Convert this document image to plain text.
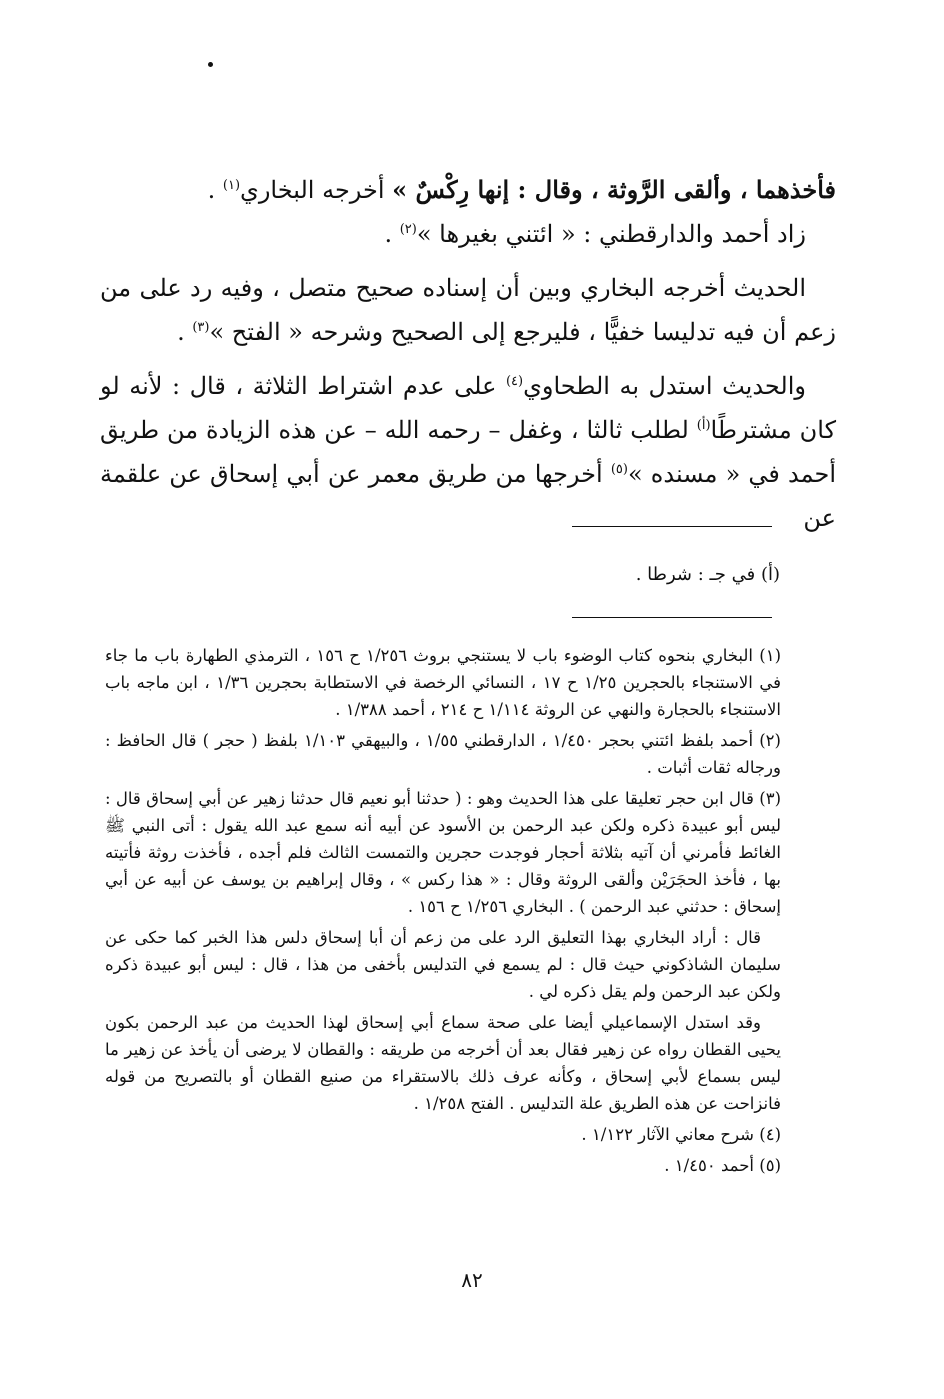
فأخذهما ، وألقى الرَّوثة ، وقال : إنها رِكْسٌ » أخرجه البخاري$^{(١)}$ .

زاد أحمد والدارقطني : « ائتني بغيرها »$^{(٢)}$ .

الحديث أخرجه البخاري وبين أن إسناده صحيح متصل ، وفيه رد على من زعم أن فيه تدليسا خفيًّا ، فليرجع إلى الصحيح وشرحه « الفتح »$^{(٣)}$ .

والحديث استدل به الطحاوي$^{(٤)}$ على عدم اشتراط الثلاثة ، قال : لأنه لو كان مشترطًا$^{(أ)}$ لطلب ثالثا ، وغفل – رحمه الله – عن هذه الزيادة من طريق أحمد في « مسنده »$^{(٥)}$ أخرجها من طريق معمر عن أبي إسحاق عن علقمة عن

(أ) في جـ : شرطا .

(١) البخاري بنحوه كتاب الوضوء باب لا يستنجي بروث ١/٢٥٦ ح ١٥٦ ، الترمذي الطهارة باب ما جاء في الاستنجاء بالحجرين ١/٢٥ ح ١٧ ، النسائي الرخصة في الاستطابة بحجرين ١/٣٦ ، ابن ماجه باب الاستنجاء بالحجارة والنهي عن الروثة ١/١١٤ ح ٢١٤ ، أحمد ١/٣٨٨ .

(٢) أحمد بلفظ ائتني بحجر ١/٤٥٠ ، الدارقطني ١/٥٥ ، والبيهقي ١/١٠٣ بلفظ ( حجر ) قال الحافظ : ورجاله ثقات أثبات .

(٣) قال ابن حجر تعليقا على هذا الحديث وهو : ( حدثنا أبو نعيم قال حدثنا زهير عن أبي إسحاق قال : ليس أبو عبيدة ذكره ولكن عبد الرحمن بن الأسود عن أبيه أنه سمع عبد الله يقول : أتى النبي ﷺ الغائط فأمرني أن آتيه بثلاثة أحجار فوجدت حجرين والتمست الثالث فلم أجده ، فأخذت روثة فأتيته بها ، فأخذ الحجَرَيْن وألقى الروثة وقال : « هذا ركس » ، وقال إبراهيم بن يوسف عن أبيه عن أبي إسحاق : حدثني عبد الرحمن ) . البخاري ١/٢٥٦ ح ١٥٦ .

قال : أراد البخاري بهذا التعليق الرد على من زعم أن أبا إسحاق دلس هذا الخبر كما حكى عن سليمان الشاذكوني حيث قال : لم يسمع في التدليس بأخفى من هذا ، قال : ليس أبو عبيدة ذكره ولكن عبد الرحمن ولم يقل ذكره لي .

وقد استدل الإسماعيلي أيضا على صحة سماع أبي إسحاق لهذا الحديث من عبد الرحمن بكون يحيى القطان رواه عن زهير فقال بعد أن أخرجه من طريقه : والقطان لا يرضى أن يأخذ عن زهير ما ليس بسماع لأبي إسحاق ، وكأنه عرف ذلك بالاستقراء من صنيع القطان أو بالتصريح من قوله فانزاحت عن هذه الطريق علة التدليس . الفتح ١/٢٥٨ .

(٤) شرح معاني الآثار ١/١٢٢ .

(٥) أحمد ١/٤٥٠ .

٨٢
